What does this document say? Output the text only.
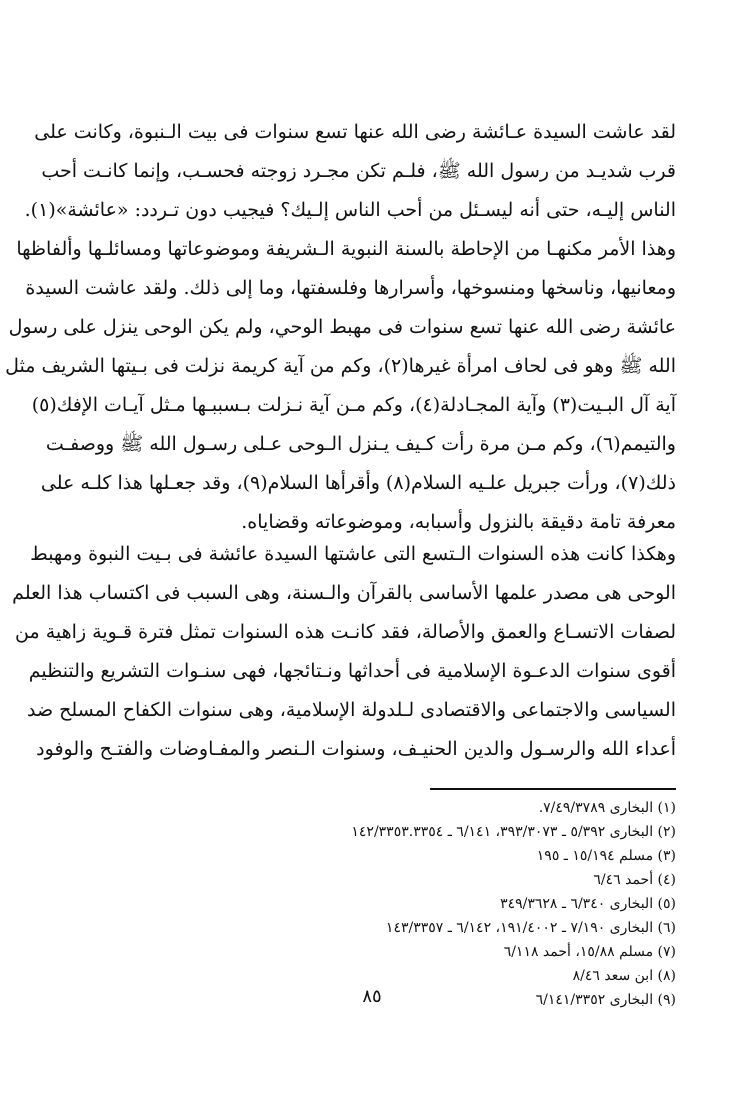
لقد عاشت السيدة عـائشة رضى الله عنها تسع سنوات فى بيت الـنبوة، وكانت على
قرب شديـد من رسول الله ﷺ، فلـم تكن مجـرد زوجته فحسـب، وإنما كانـت أحب
الناس إليـه، حتى أنه ليسـئل من أحب الناس إلـيك؟ فيجيب دون تـردد: «عائشة»(١).
وهذا الأمر مكنهـا من الإحاطة بالسنة النبوية الـشريفة وموضوعاتها ومسائلـها وألفاظها
ومعانيها، وناسخها ومنسوخها، وأسرارها وفلسفتها، وما إلى ذلك. ولقد عاشت السيدة
عائشة رضى الله عنها تسع سنوات فى مهبط الوحي، ولم يكن الوحى ينزل على رسول
الله ﷺ وهو فى لحاف امرأة غيرها(٢)، وكم من آية كريمة نزلت فى بـيتها الشريف مثل
آية آل البـيت(٣) وآية المجـادلة(٤)، وكم مـن آية نـزلت بـسببـها مـثل آيـات الإفك(٥)
والتيمم(٦)، وكم مـن مرة رأت كـيف يـنزل الـوحى عـلى رسـول الله ﷺ ووصفـت
ذلك(٧)، ورأت جبريل علـيه السلام(٨) وأقرأها السلام(٩)، وقد جعـلها هذا كلـه على
معرفة تامة دقيقة بالنزول وأسبابه، وموضوعاته وقضاياه.
وهكذا كانت هذه السنوات الـتسع التى عاشتها السيدة عائشة فى بـيت النبوة ومهبط
الوحى هى مصدر علمها الأساسى بالقرآن والـسنة، وهى السبب فى اكتساب هذا العلم
لصفات الاتسـاع والعمق والأصالة، فقد كانـت هذه السنوات تمثل فترة قـوية زاهية من
أقوى سنوات الدعـوة الإسلامية فى أحداثها ونـتائجها، فهى سنـوات التشريع والتنظيم
السياسى والاجتماعى والاقتصادى لـلدولة الإسلامية، وهى سنوات الكفاح المسلح ضد
أعداء الله والرسـول والدين الحنيـف، وسنوات الـنصر والمفـاوضات والفتـح والوفود
(١) البخارى ٧/٤٩/٣٧٨٩.
(٢) البخارى ٥/٣٩٢ ـ ٣٩٣/٣٠٧٣، ٦/١٤١ ـ ١٤٢/٣٣٥٣.٣٣٥٤
(٣) مسلم ١٥/١٩٤ ـ ١٩٥
(٤) أحمد ٦/٤٦
(٥) البخارى ٦/٣٤٠ ـ ٣٤٩/٣٦٢٨
(٦) البخارى ٧/١٩٠ ـ ١٩١/٤٠٠٢، ٦/١٤٢ ـ ١٤٣/٣٣٥٧
(٧) مسلم ١٥/٨٨، أحمد ٦/١١٨
(٨) ابن سعد ٨/٤٦
(٩) البخارى ٦/١٤١/٣٣٥٢
٨٥
